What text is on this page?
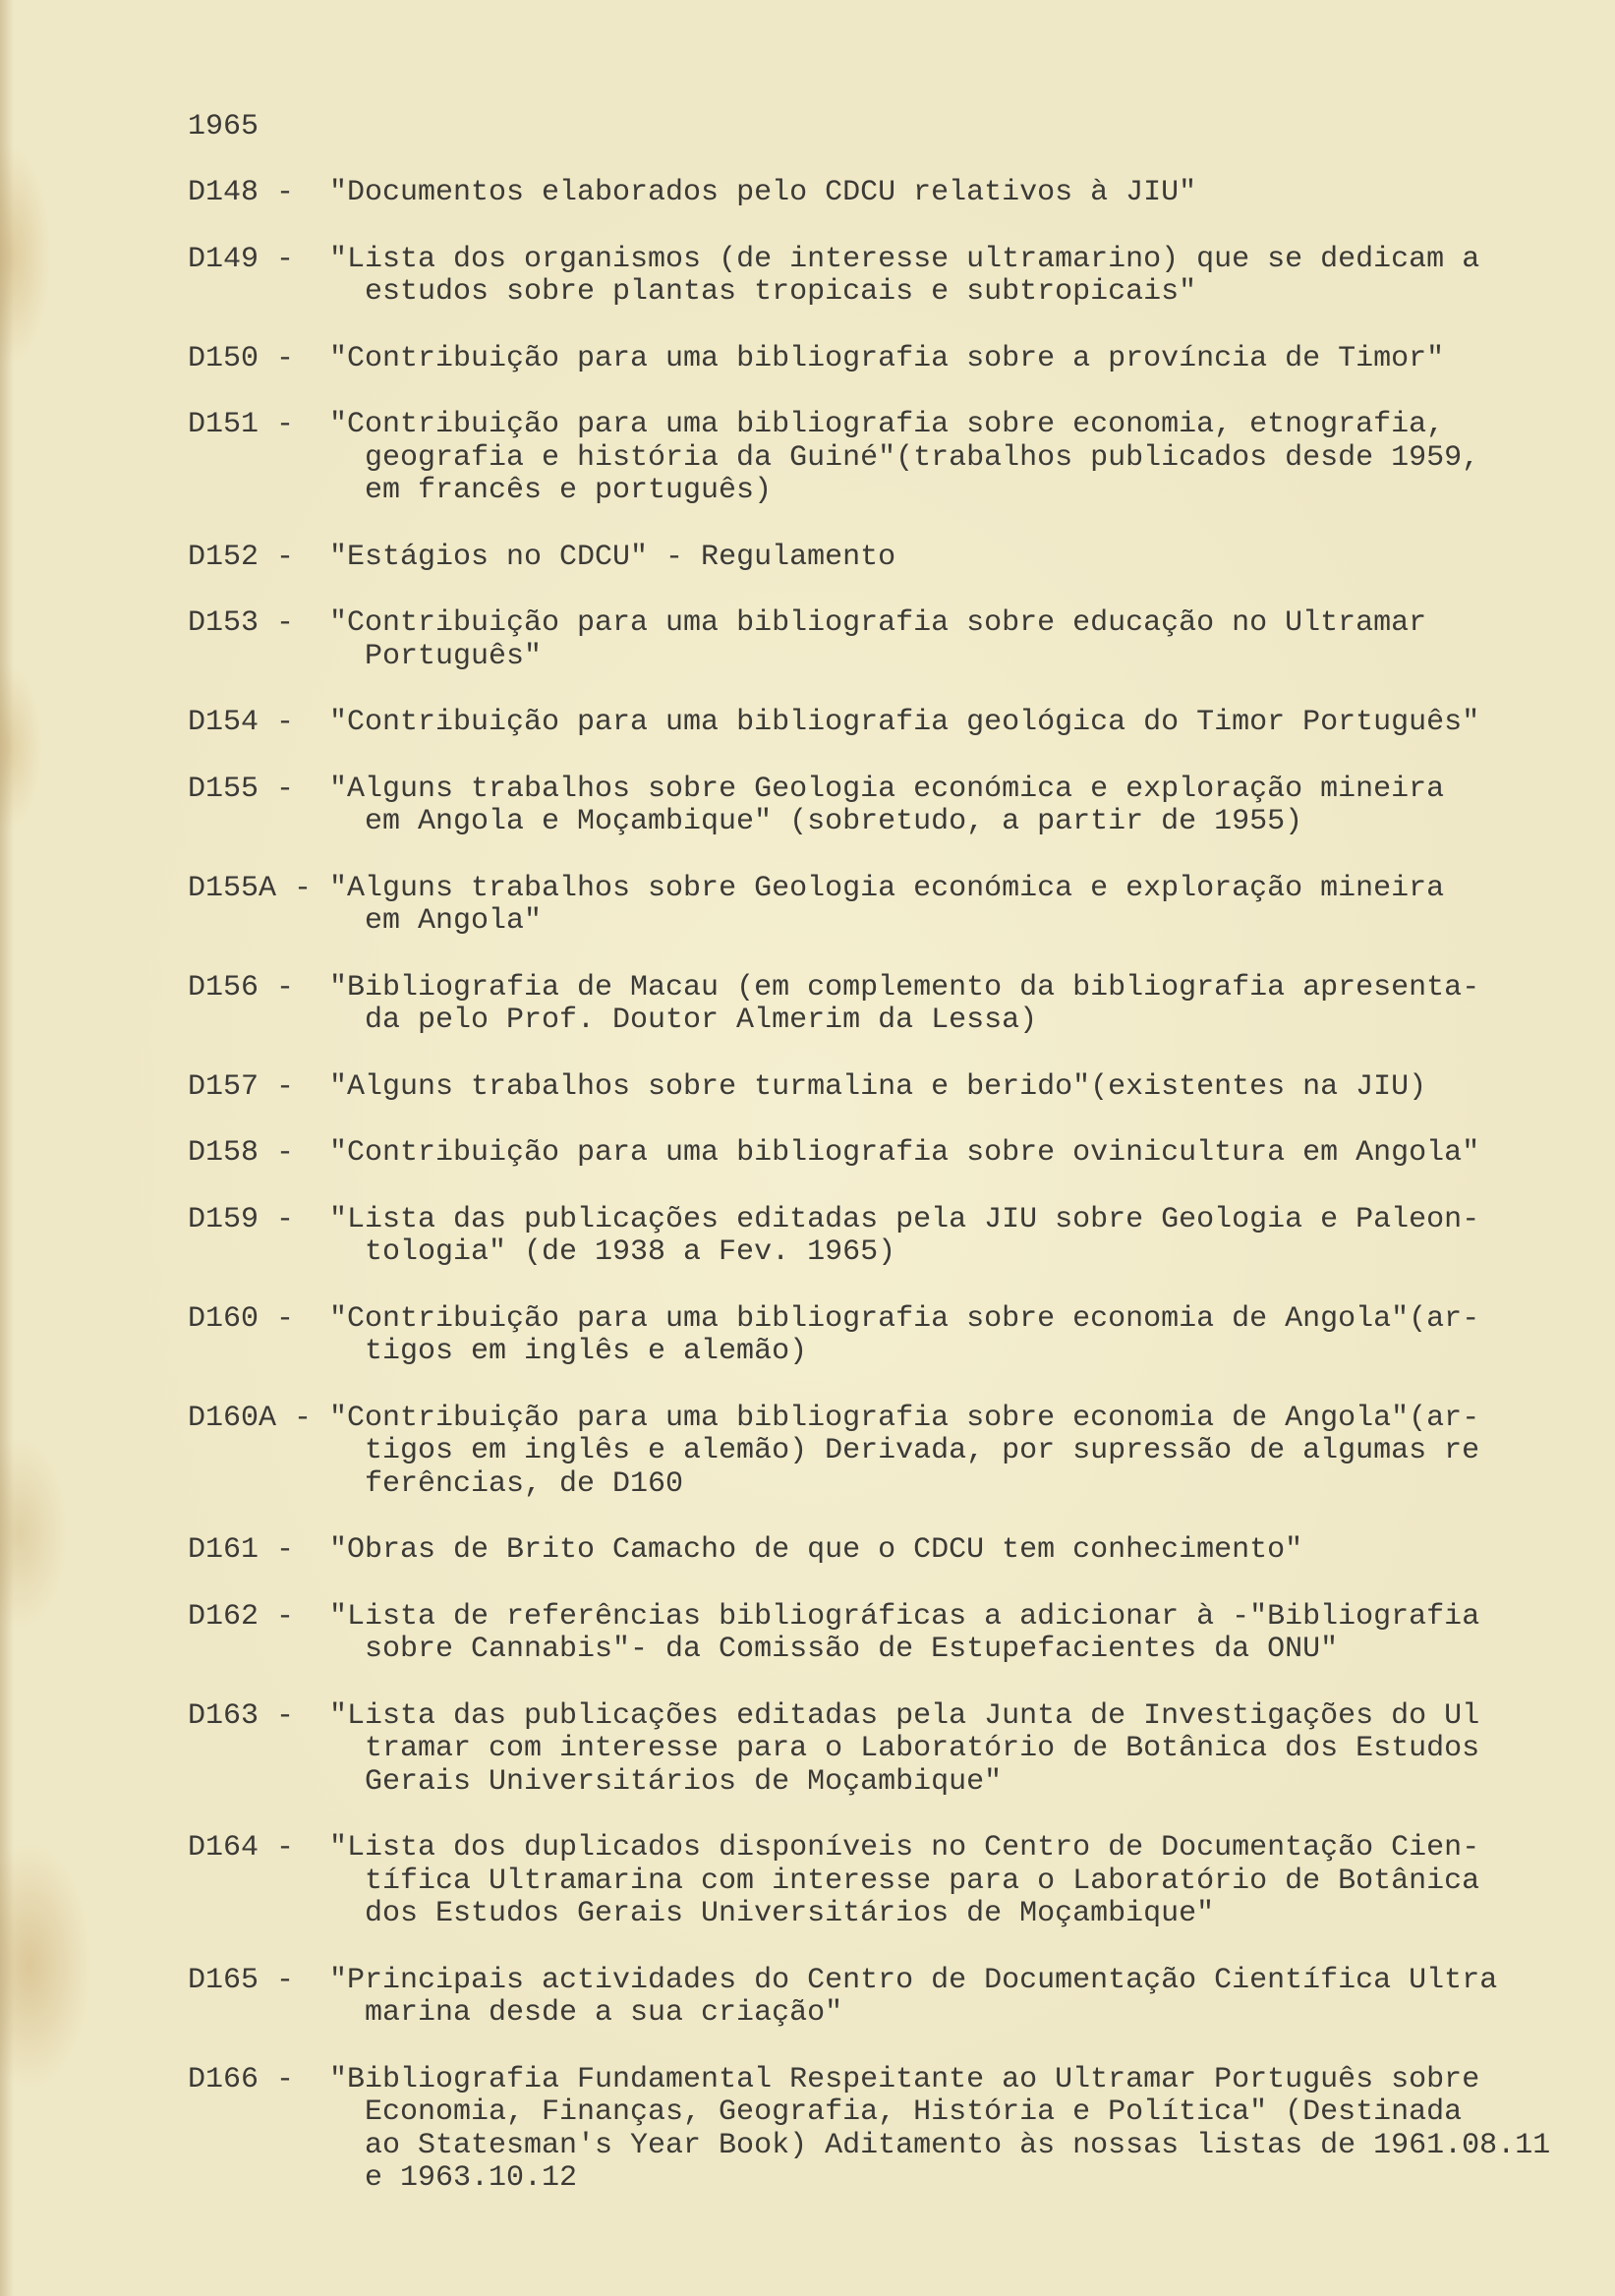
1965
D148 -	"Documentos elaborados pelo CDCU relativos à JIU"
D149 -	"Lista dos organismos (de interesse ultramarino) que se dedicam a
estudos sobre plantas tropicais e subtropicais"
D150 -	"Contribuição para uma bibliografia sobre a província de Timor"
D151 -	"Contribuição para uma bibliografia sobre economia, etnografia,
geografia e história da Guiné"(trabalhos publicados desde 1959,
em francês e português)
D152 -	"Estágios no CDCU" - Regulamento
D153 -	"Contribuição para uma bibliografia sobre educação no Ultramar
Português"
D154 -	"Contribuição para uma bibliografia geológica do Timor Português"
D155 -	"Alguns trabalhos sobre Geologia económica e exploração mineira
em Angola e Moçambique" (sobretudo, a partir de 1955)
D155A - "Alguns trabalhos sobre Geologia económica e exploração mineira
em Angola"
D156 -	"Bibliografia de Macau (em complemento da bibliografia apresenta-
da pelo Prof. Doutor Almerim da Lessa)
D157 -	"Alguns trabalhos sobre turmalina e berido"(existentes na JIU)
D158 -	"Contribuição para uma bibliografia sobre ovinicultura em Angola"
D159 -	"Lista das publicações editadas pela JIU sobre Geologia e Paleon-
tologia" (de 1938 a Fev. 1965)
D160 -	"Contribuição para uma bibliografia sobre economia de Angola"(ar-
tigos em inglês e alemão)
D160A - "Contribuição para uma bibliografia sobre economia de Angola"(ar-
tigos em inglês e alemão) Derivada, por supressão de algumas re
ferências, de D160
D161 -	"Obras de Brito Camacho de que o CDCU tem conhecimento"
D162 -	"Lista de referências bibliográficas a adicionar à -"Bibliografia
sobre Cannabis"- da Comissão de Estupefacientes da ONU"
D163 -	"Lista das publicações editadas pela Junta de Investigações do Ul
tramar com interesse para o Laboratório de Botânica dos Estudos
Gerais Universitários de Moçambique"
D164 -	"Lista dos duplicados disponíveis no Centro de Documentação Cien-
tífica Ultramarina com interesse para o Laboratório de Botânica
dos Estudos Gerais Universitários de Moçambique"
D165 -	"Principais actividades do Centro de Documentação Científica Ultra
marina desde a sua criação"
D166 -	"Bibliografia Fundamental Respeitante ao Ultramar Português sobre
Economia, Finanças, Geografia, História e Política" (Destinada
ao Statesman's Year Book) Aditamento às nossas listas de 1961.08.11
e 1963.10.12
